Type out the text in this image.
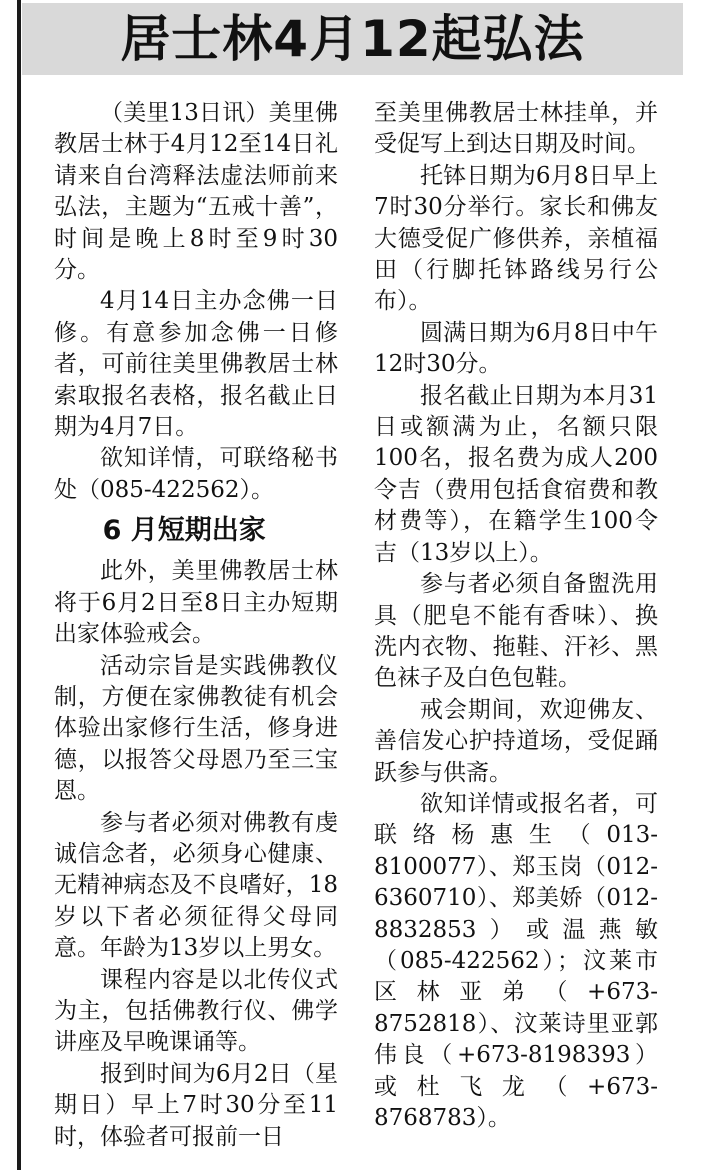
居士林4月12起弘法

（美里13日讯）美里佛教居士林于4月12至14日礼请来自台湾释法虚法师前来弘法，主题为“五戒十善”，时间是晚上8时至9时30分。

4月14日主办念佛一日修。有意参加念佛一日修者，可前往美里佛教居士林索取报名表格，报名截止日期为4月7日。

欲知详情，可联络秘书处（085-422562）。

6 月短期出家

此外，美里佛教居士林将于6月2日至8日主办短期出家体验戒会。

活动宗旨是实践佛教仪制，方便在家佛教徒有机会体验出家修行生活，修身进德，以报答父母恩乃至三宝恩。

参与者必须对佛教有虔诚信念者，必须身心健康、无精神病态及不良嗜好，18岁以下者必须征得父母同意。年龄为13岁以上男女。

课程内容是以北传仪式为主，包括佛教行仪、佛学讲座及早晚课诵等。

报到时间为6月2日（星期日）早上7时30分至11时，体验者可报前一日

至美里佛教居士林挂单，并受促写上到达日期及时间。

托钵日期为6月8日早上7时30分举行。家长和佛友大德受促广修供养，亲植福田（行脚托钵路线另行公布）。

圆满日期为6月8日中午12时30分。

报名截止日期为本月31日或额满为止，名额只限100名，报名费为成人200令吉（费用包括食宿费和教材费等），在籍学生100令吉（13岁以上）。

参与者必须自备盥洗用具（肥皂不能有香味）、换洗内衣物、拖鞋、汗衫、黑色袜子及白色包鞋。

戒会期间，欢迎佛友、善信发心护持道场，受促踊跃参与供斋。

欲知详情或报名者，可联络杨惠生（013-8100077）、郑玉岗（012-6360710）、郑美娇（012-8832853）或温燕敏（085-422562）；汶莱市区林亚弟（+673-8752818）、汶莱诗里亚郭伟良（+673-8198393）或杜飞龙（+673-8768783）。
